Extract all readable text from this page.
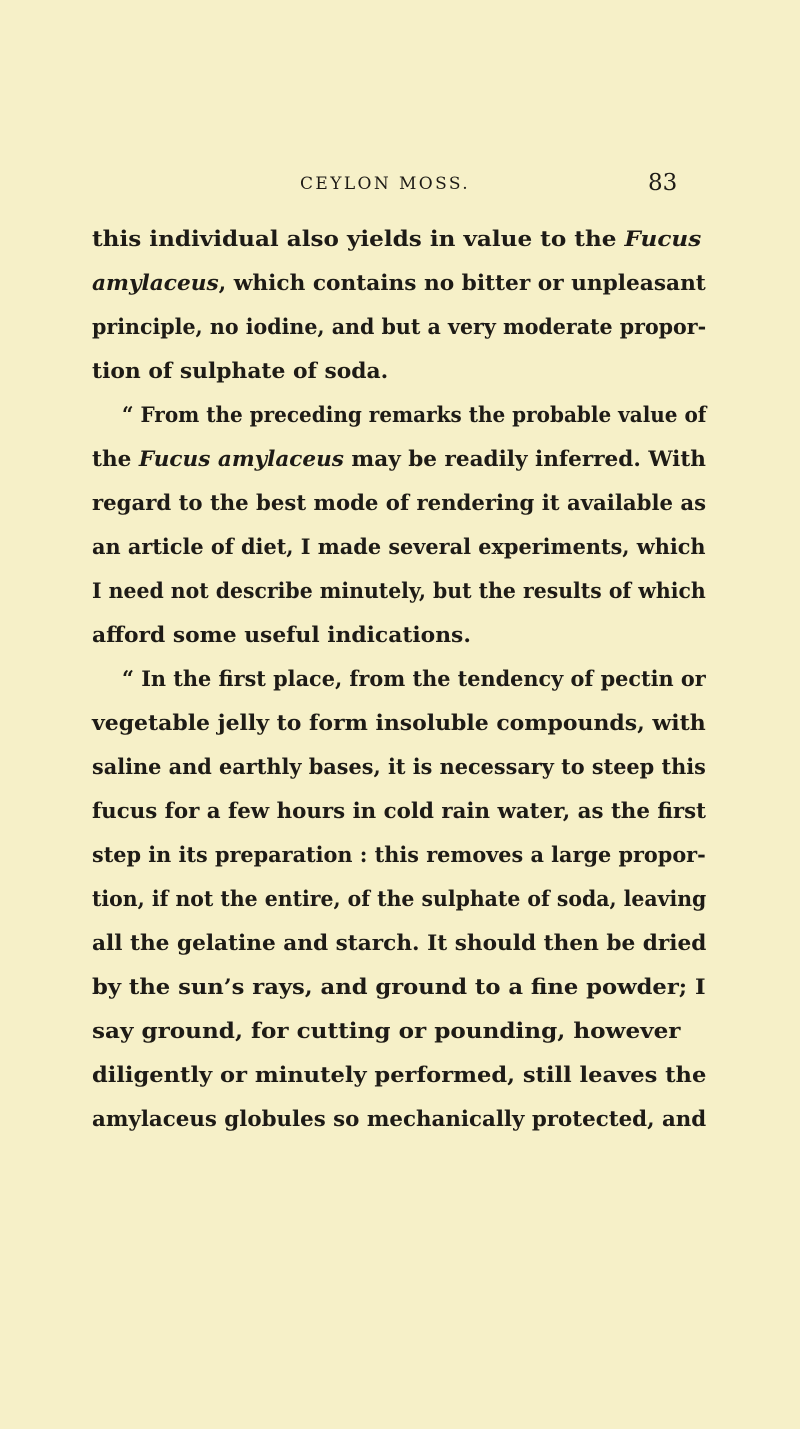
CEYLON MOSS.	83
this individual also yields in value to the Fucus
amylaceus, which contains no bitter or unpleasant
principle, no iodine, and but a very moderate propor-
tion of sulphate of soda.
“ From the preceding remarks the probable value of
the Fucus amylaceus may be readily inferred. With
regard to the best mode of rendering it available as
an article of diet, I made several experiments, which
I need not describe minutely, but the results of which
afford some useful indications.
“ In the first place, from the tendency of pectin or
vegetable jelly to form insoluble compounds, with
saline and earthly bases, it is necessary to steep this
fucus for a few hours in cold rain water, as the first
step in its preparation : this removes a large propor-
tion, if not the entire, of the sulphate of soda, leaving
all the gelatine and starch. It should then be dried
by the sun’s rays, and ground to a fine powder; I
say ground, for cutting or pounding, however
diligently or minutely performed, still leaves the
amylaceus globules so mechanically protected, and
